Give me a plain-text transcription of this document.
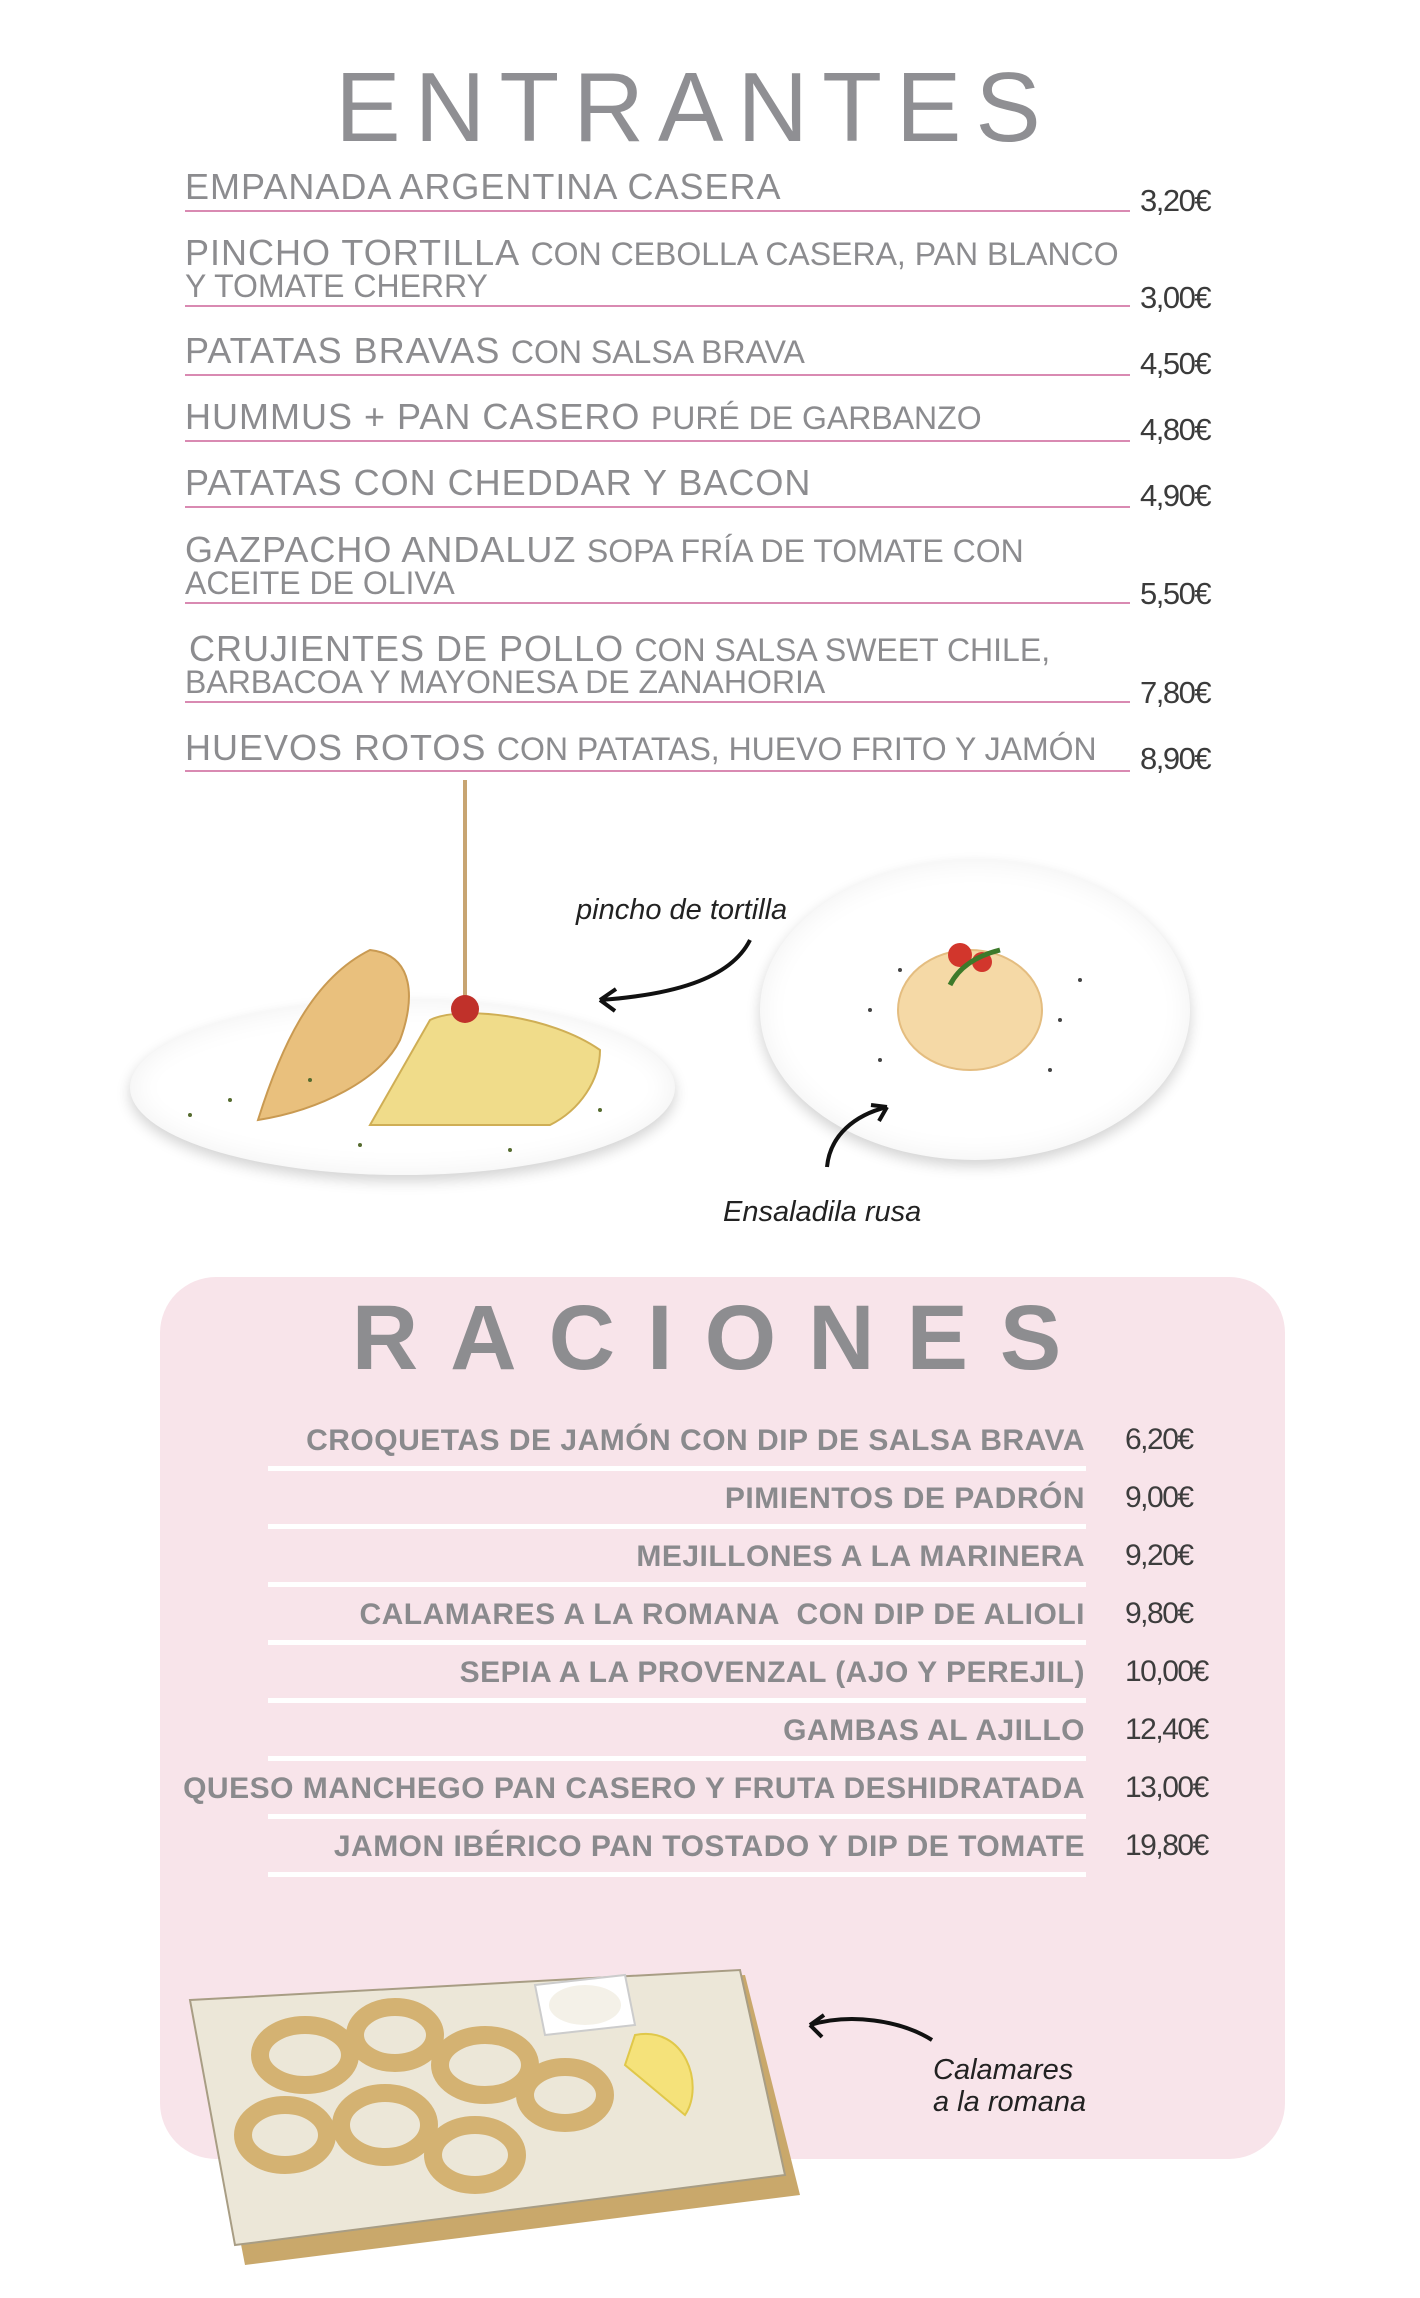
ENTRANTES
EMPANADA ARGENTINA CASERA	3,20€
PINCHO TORTILLA CON CEBOLLA CASERA, PAN BLANCO
Y TOMATE CHERRY	3,00€
PATATAS BRAVAS CON SALSA BRAVA	4,50€
HUMMUS + PAN CASERO PURÉ DE GARBANZO	4,80€
PATATAS CON CHEDDAR Y BACON	4,90€
GAZPACHO ANDALUZ SOPA FRÍA DE TOMATE CON
ACEITE DE OLIVA	5,50€
CRUJIENTES DE POLLO CON SALSA SWEET CHILE,
BARBACOA Y MAYONESA DE ZANAHORIA	7,80€
HUEVOS ROTOS CON PATATAS, HUEVO FRITO Y JAMÓN	8,90€
pincho de tortilla
Ensaladila rusa
RACIONES
CROQUETAS DE JAMÓN CON DIP DE SALSA BRAVA 6,20€
PIMIENTOS DE PADRÓN 9,00€
MEJILLONES A LA MARINERA 9,20€
CALAMARES A LA ROMANA  CON DIP DE ALIOLI 9,80€
SEPIA A LA PROVENZAL (AJO Y PEREJIL) 10,00€
GAMBAS AL AJILLO 12,40€
QUESO MANCHEGO PAN CASERO Y FRUTA DESHIDRATADA 13,00€
JAMON IBÉRICO PAN TOSTADO Y DIP DE TOMATE 19,80€
Calamares
a la romana
